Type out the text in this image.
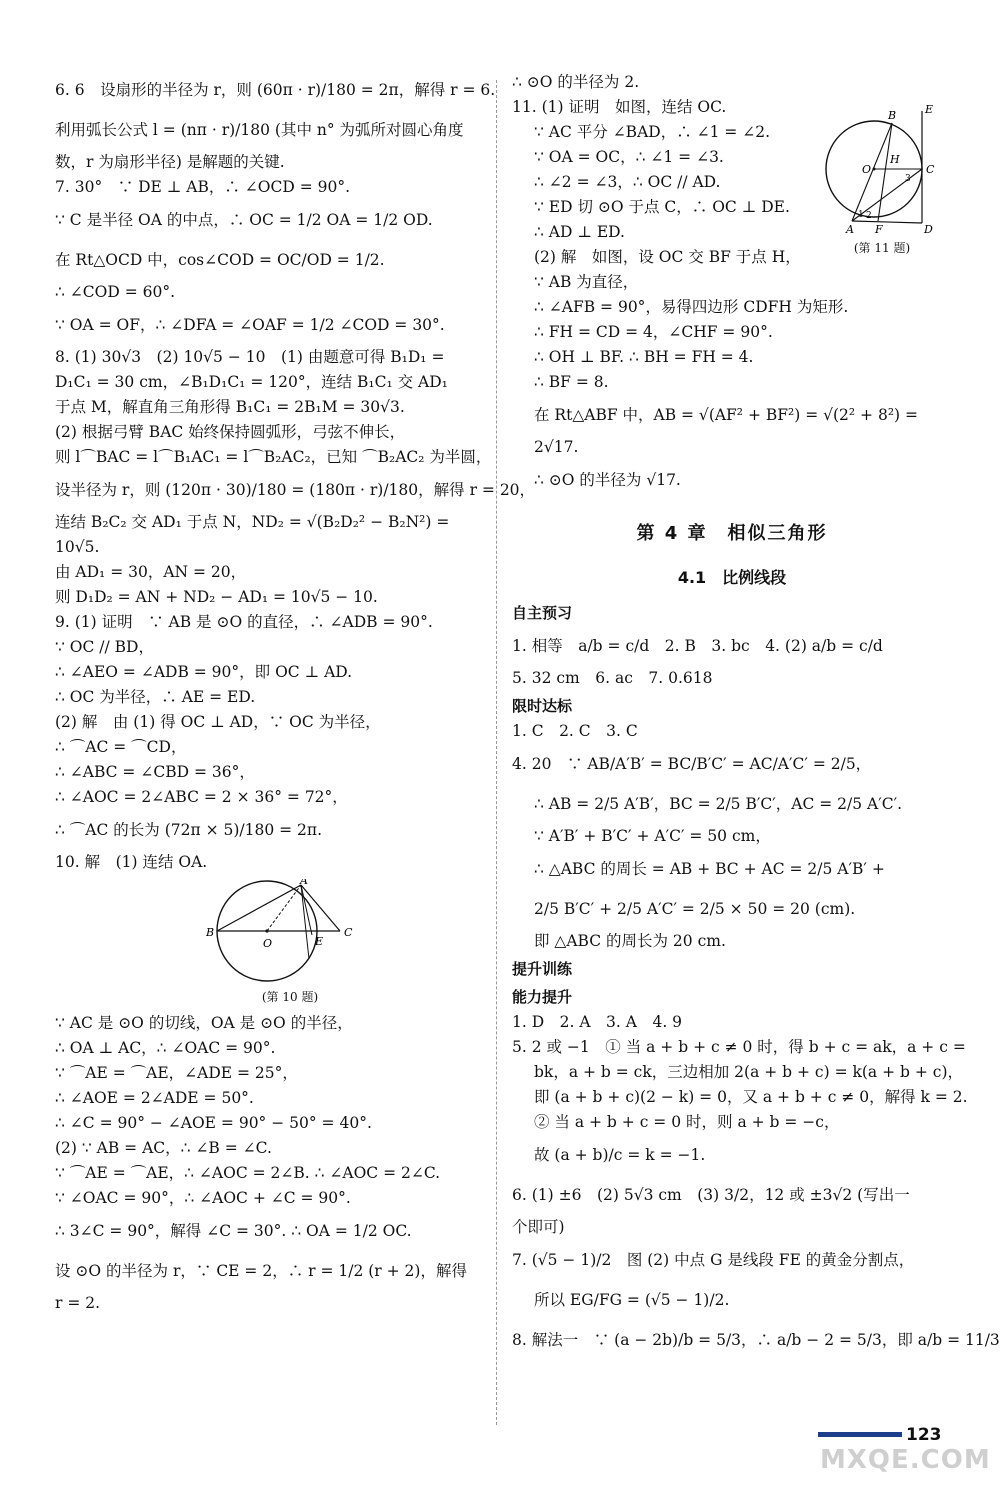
6. 6　设扇形的半径为 r，则 (60π · r)/180 = 2π，解得 r = 6.
利用弧长公式 l = (nπ · r)/180 (其中 n° 为弧所对圆心角度
数，r 为扇形半径) 是解题的关键.
7. 30°　∵ DE ⊥ AB，∴ ∠OCD = 90°.
∵ C 是半径 OA 的中点，∴ OC = 1/2 OA = 1/2 OD.
在 Rt△OCD 中，cos∠COD = OC/OD = 1/2.
∴ ∠COD = 60°.
∵ OA = OF，∴ ∠DFA = ∠OAF = 1/2 ∠COD = 30°.
8. (1) 30√3　(2) 10√5 − 10　(1) 由题意可得 B₁D₁ =
D₁C₁ = 30 cm，∠B₁D₁C₁ = 120°，连结 B₁C₁ 交 AD₁
于点 M，解直角三角形得 B₁C₁ = 2B₁M = 30√3.
(2) 根据弓臂 BAC 始终保持圆弧形，弓弦不伸长，
则 l⌒BAC = l⌒B₁AC₁ = l⌒B₂AC₂，已知 ⌒B₂AC₂ 为半圆，
设半径为 r，则 (120π · 30)/180 = (180π · r)/180，解得 r = 20，
连结 B₂C₂ 交 AD₁ 于点 N，ND₂ = √(B₂D₂² − B₂N²) =
10√5.
由 AD₁ = 30，AN = 20，
则 D₁D₂ = AN + ND₂ − AD₁ = 10√5 − 10.
9. (1) 证明　∵ AB 是 ⊙O 的直径，∴ ∠ADB = 90°.
∵ OC // BD，
∴ ∠AEO = ∠ADB = 90°，即 OC ⊥ AD.
∴ OC 为半径，∴ AE = ED.
(2) 解　由 (1) 得 OC ⊥ AD，∵ OC 为半径，
∴ ⌒AC = ⌒CD，
∴ ∠ABC = ∠CBD = 36°，
∴ ∠AOC = 2∠ABC = 2 × 36° = 72°，
∴ ⌒AC 的长为 (72π × 5)/180 = 2π.
10. 解　(1) 连结 OA.
A
B
O	E
C
(第 10 题)
∵ AC 是 ⊙O 的切线，OA 是 ⊙O 的半径，
∴ OA ⊥ AC，∴ ∠OAC = 90°.
∵ ⌒AE = ⌒AE，∠ADE = 25°，
∴ ∠AOE = 2∠ADE = 50°.
∴ ∠C = 90° − ∠AOE = 90° − 50° = 40°.
(2) ∵ AB = AC，∴ ∠B = ∠C.
∵ ⌒AE = ⌒AE，∴ ∠AOC = 2∠B. ∴ ∠AOC = 2∠C.
∵ ∠OAC = 90°，∴ ∠AOC + ∠C = 90°.
∴ 3∠C = 90°，解得 ∠C = 30°. ∴ OA = 1/2 OC.
设 ⊙O 的半径为 r，∵ CE = 2，∴ r = 1/2 (r + 2)，解得
r = 2.
B	E
O
H
C
A F	D
3
1 2
(第 11 题)
∴ ⊙O 的半径为 2.
11. (1) 证明　如图，连结 OC.
∵ AC 平分 ∠BAD，∴ ∠1 = ∠2.
∵ OA = OC，∴ ∠1 = ∠3.
∴ ∠2 = ∠3，∴ OC // AD.
∵ ED 切 ⊙O 于点 C，∴ OC ⊥ DE.
∴ AD ⊥ ED.
(2) 解　如图，设 OC 交 BF 于点 H，
∵ AB 为直径，
∴ ∠AFB = 90°，易得四边形 CDFH 为矩形.
∴ FH = CD = 4，∠CHF = 90°.
∴ OH ⊥ BF. ∴ BH = FH = 4.
∴ BF = 8.
在 Rt△ABF 中，AB = √(AF² + BF²) = √(2² + 8²) =
2√17.
∴ ⊙O 的半径为 √17.
第 4 章　相似三角形
4.1　比例线段
自主预习
1. 相等　a/b = c/d　2. B　3. bc　4. (2) a/b = c/d
5. 32 cm　6. ac　7. 0.618
限时达标
1. C　2. C　3. C
4. 20　∵ AB/A′B′ = BC/B′C′ = AC/A′C′ = 2/5，
∴ AB = 2/5 A′B′，BC = 2/5 B′C′，AC = 2/5 A′C′.
∵ A′B′ + B′C′ + A′C′ = 50 cm，
∴ △ABC 的周长 = AB + BC + AC = 2/5 A′B′ +
2/5 B′C′ + 2/5 A′C′ = 2/5 × 50 = 20 (cm).
即 △ABC 的周长为 20 cm.
提升训练
能力提升
1. D　2. A　3. A　4. 9
5. 2 或 −1　① 当 a + b + c ≠ 0 时，得 b + c = ak，a + c =
bk，a + b = ck，三边相加 2(a + b + c) = k(a + b + c)，
即 (a + b + c)(2 − k) = 0，又 a + b + c ≠ 0，解得 k = 2.
② 当 a + b + c = 0 时，则 a + b = −c，
故 (a + b)/c = k = −1.
6. (1) ±6　(2) 5√3 cm　(3) 3/2，12 或 ±3√2 (写出一
个即可)
7. (√5 − 1)/2　图 (2) 中点 G 是线段 FE 的黄金分割点，
所以 EG/FG = (√5 − 1)/2.
8. 解法一　∵ (a − 2b)/b = 5/3，∴ a/b − 2 = 5/3，即 a/b = 11/3
123
MXQE.COM
